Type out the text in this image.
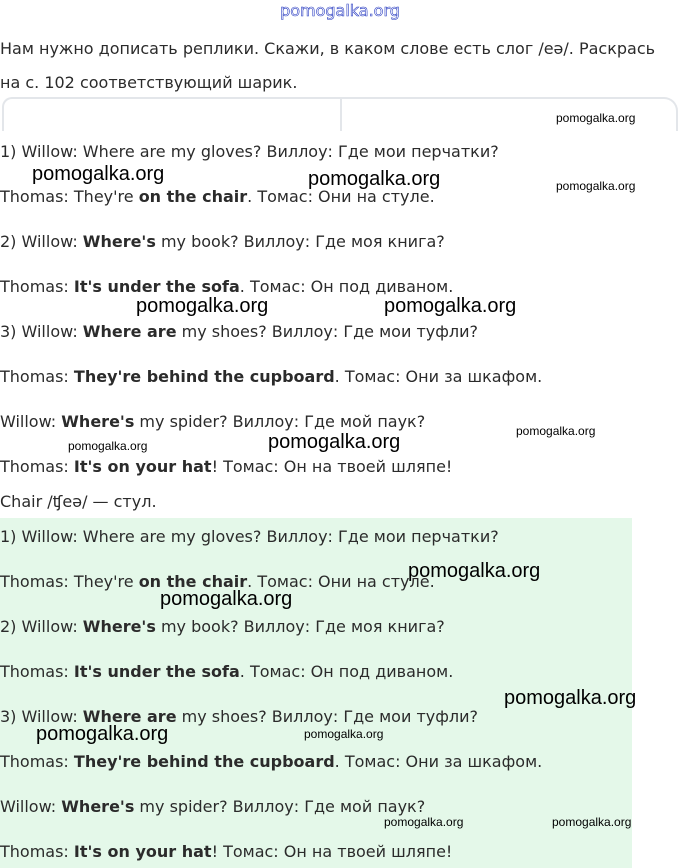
pomogalka.org
Нам нужно дописать реплики. Скажи, в каком слове есть слог /eə/. Раскрась на с. 102 соответствующий шарик.
1) Willow: Where are my gloves? Виллоу: Где мои перчатки?
Thomas: They're on the chair. Томас: Они на стуле.
2) Willow: Where's my book? Виллоу: Где моя книга?
Thomas: It's under the sofa. Томас: Он под диваном.
3) Willow: Where are my shoes? Виллоу: Где мои туфли?
Thomas: They're behind the cupboard. Томас: Они за шкафом.
Willow: Where's my spider? Виллоу: Где мой паук?
Thomas: It's on your hat! Томас: Он на твоей шляпе!
Chair /ʧeə/ — стул.
1) Willow: Where are my gloves? Виллоу: Где мои перчатки?
Thomas: They're on the chair. Томас: Они на стуле.
2) Willow: Where's my book? Виллоу: Где моя книга?
Thomas: It's under the sofa. Томас: Он под диваном.
3) Willow: Where are my shoes? Виллоу: Где мои туфли?
Thomas: They're behind the cupboard. Томас: Они за шкафом.
Willow: Where's my spider? Виллоу: Где мой паук?
Thomas: It's on your hat! Томас: Он на твоей шляпе!
pomogalka.org
pomogalka.org	pomogalka.org	pomogalka.org
pomogalka.org	pomogalka.org
pomogalka.org
pomogalka.org
pomogalka.org
pomogalka.org
pomogalka.org
pomogalka.org
pomogalka.org
pomogalka.org
pomogalka.org	pomogalka.org
